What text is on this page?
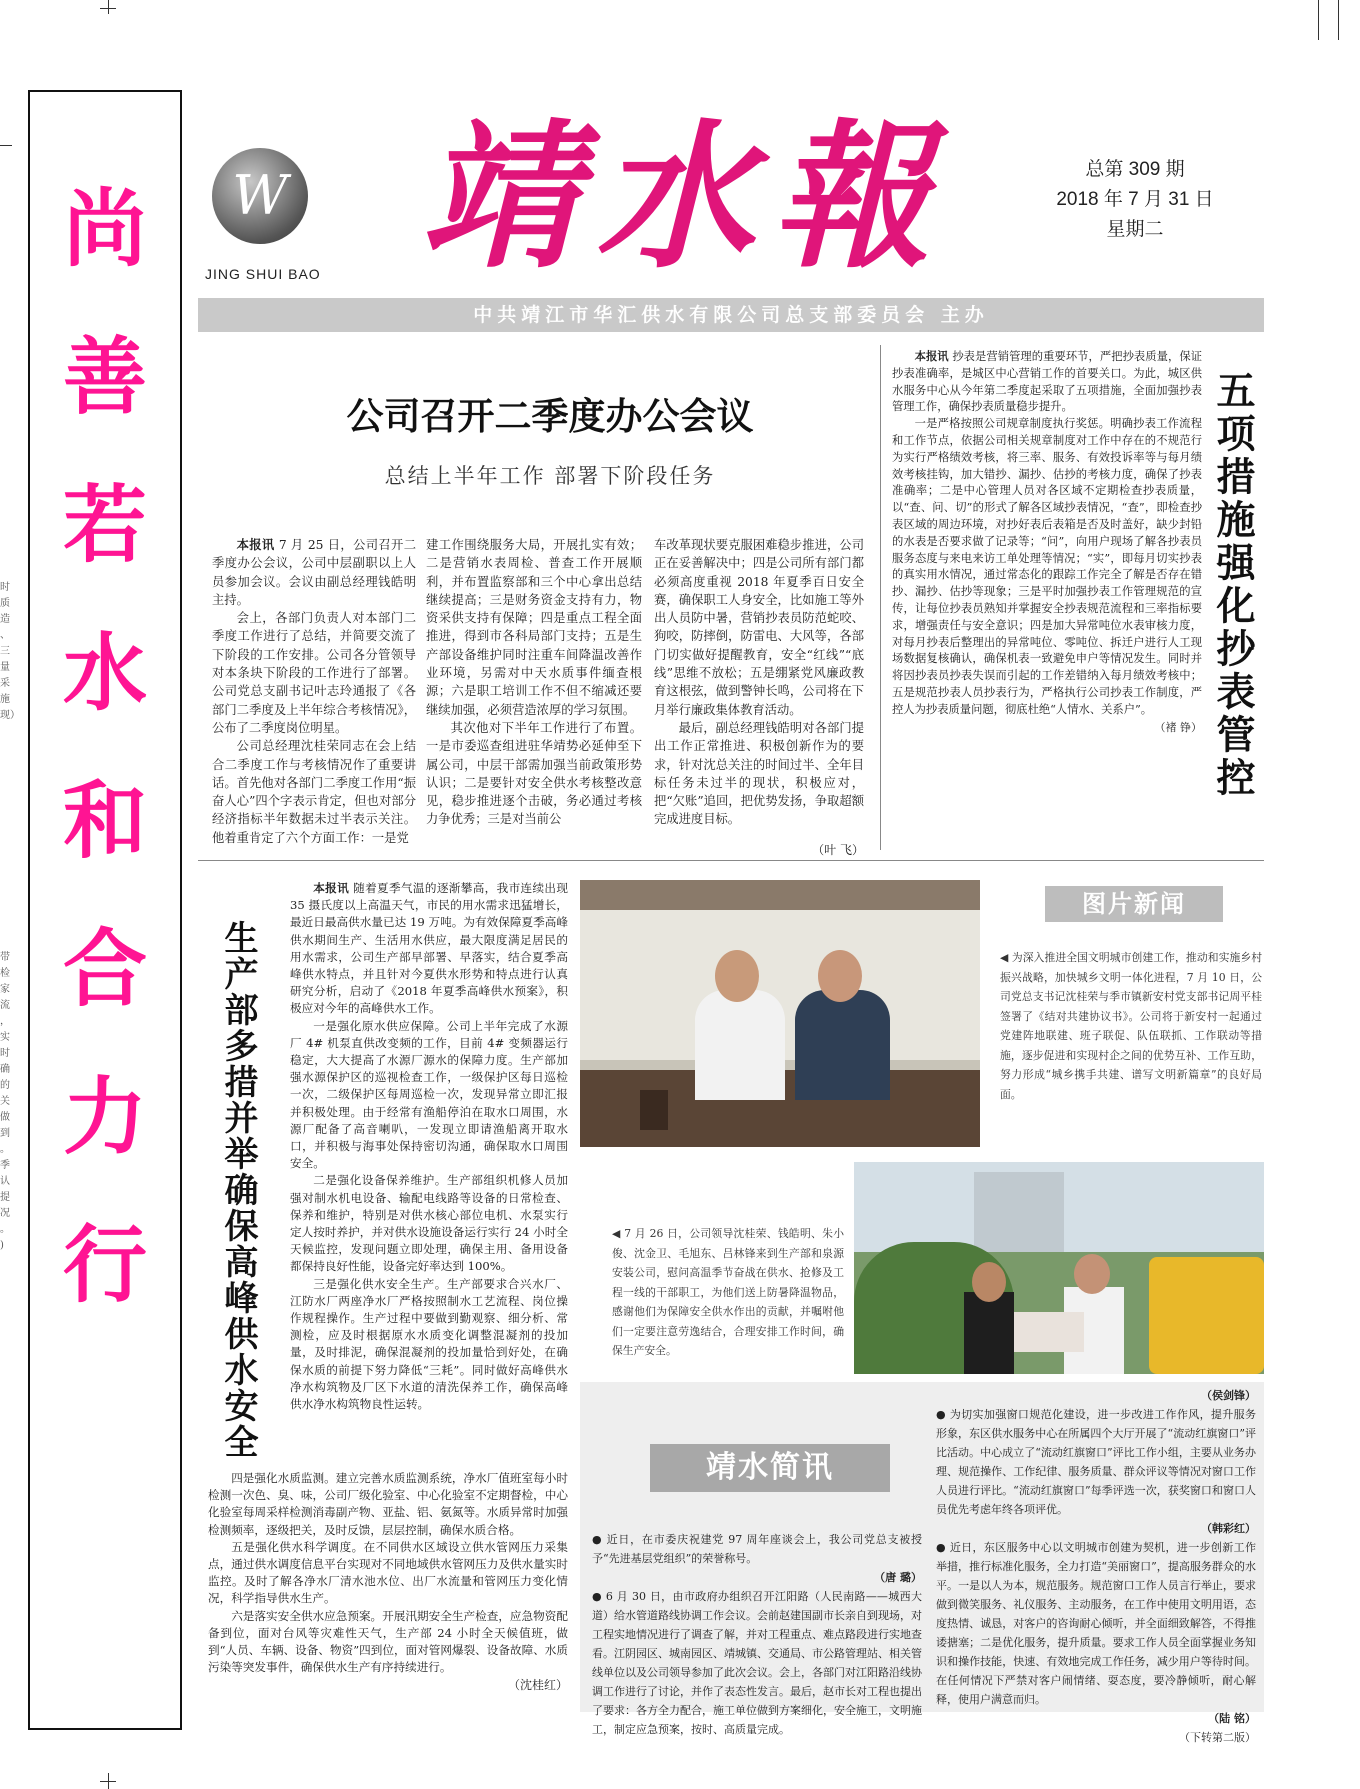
时 质 造 、三 量 采 施 现）
带 检 家 流 ， 实 时 确 的 关 做 到 。 季 认 提 况 。 )
尚
善
若
水
和
合
力
行
W
JING SHUI BAO 靖水報	总第 309 期
2018 年 7 月 31 日
星期二
中共靖江市华汇供水有限公司总支部委员会 主办
公司召开二季度办公会议
总结上半年工作 部署下阶段任务

本报讯 7 月 25 日，公司召开二季度办公会议，公司中层副职以上人员参加会议。会议由副总经理钱皓明主持。

会上，各部门负责人对本部门二季度工作进行了总结，并简要交流了下阶段的工作安排。公司各分管领导对本条块下阶段的工作进行了部署。公司党总支副书记叶志玲通报了《各部门二季度及上半年综合考核情况》，公布了二季度岗位明星。

公司总经理沈桂荣同志在会上结合二季度工作与考核情况作了重要讲话。首先他对各部门二季度工作用“振奋人心”四个字表示肯定，但也对部分经济指标半年数据未过半表示关注。他着重肯定了六个方面工作：一是党

建工作围绕服务大局，开展扎实有效；二是营销水表周检、普查工作开展顺利，并布置监察部和三个中心拿出总结继续提高；三是财务资金支持有力，物资采供支持有保障；四是重点工程全面推进，得到市各科局部门支持；五是生产部设备维护同时注重车间降温改善作业环境，另需对中天水质事件缅查根源；六是职工培训工作不但不缩减还要继续加强，必须营造浓厚的学习氛围。

其次他对下半年工作进行了布置。一是市委巡查组进驻华靖势必延伸至下属公司，中层干部需加强当前政策形势认识；二是要针对安全供水考核整改意见，稳步推进逐个击破，务必通过考核力争优秀；三是对当前公

车改革现状要克服困难稳步推进，公司正在妥善解决中；四是公司所有部门都必须高度重视 2018 年夏季百日安全赛，确保职工人身安全，比如施工等外出人员防中暑，营销抄表员防范蛇咬、狗咬，防摔倒，防雷电、大风等，各部门切实做好提醒教育，安全“红线”“底线”思维不放松；五是绷紧党风廉政教育这根弦，做到警钟长鸣，公司将在下月举行廉政集体教育活动。

最后，副总经理钱皓明对各部门提出工作正常推进、积极创新作为的要求，针对沈总关注的时间过半、全年目标任务未过半的现状，积极应对，把“欠账”追回，把优势发扬，争取超额完成进度目标。

（叶 飞）

本报讯 抄表是营销管理的重要环节，严把抄表质量，保证抄表准确率，是城区中心营销工作的首要关口。为此，城区供水服务中心从今年第二季度起采取了五项措施，全面加强抄表管理工作，确保抄表质量稳步提升。

一是严格按照公司规章制度执行奖惩。明确抄表工作流程和工作节点，依据公司相关规章制度对工作中存在的不规范行为实行严格绩效考核，将三率、服务、有效投诉率等与每月绩效考核挂钩，加大错抄、漏抄、估抄的考核力度，确保了抄表准确率；二是中心管理人员对各区域不定期检查抄表质量，以“查、问、切”的形式了解各区域抄表情况，“查”，即检查抄表区域的周边环境，对抄好表后表箱是否及时盖好，缺少封铅的水表是否要求做了记录等；“问”，向用户现场了解各抄表员服务态度与来电来访工单处理等情况；“实”，即每月切实抄表的真实用水情况，通过常态化的跟踪工作完全了解是否存在错抄、漏抄、估抄等现象；三是平时加强抄表工作管理规范的宣传，让每位抄表员熟知并掌握安全抄表规范流程和三率指标要求，增强责任与安全意识；四是加大异常吨位水表审核力度，对每月抄表后整理出的异常吨位、零吨位、拆迁户进行人工现场数据复核确认，确保机表一致避免申户等情况发生。同时并将因抄表员抄表失误而引起的工作差错纳入每月绩效考核中；五是规范抄表人员抄表行为，严格执行公司抄表工作制度，严控人为抄表质量问题，彻底杜绝“人情水、关系户”。

（褚 铮） 五项措施强化抄表管控
生产部多措并举确保高峰供水安全

本报讯 随着夏季气温的逐渐攀高，我市连续出现 35 摄氏度以上高温天气，市民的用水需求迅猛增长，最近日最高供水量已达 19 万吨。为有效保障夏季高峰供水期间生产、生活用水供应，最大限度满足居民的用水需求，公司生产部早部署、早落实，结合夏季高峰供水特点，并且针对今夏供水形势和特点进行认真研究分析，启动了《2018 年夏季高峰供水预案》，积极应对今年的高峰供水工作。

一是强化原水供应保障。公司上半年完成了水源厂 4# 机泵直供改变频的工作，目前 4# 变频器运行稳定，大大提高了水源厂源水的保障力度。生产部加强水源保护区的巡视检查工作，一级保护区每日巡检一次，二级保护区每周巡检一次，发现异常立即汇报并积极处理。由于经常有渔船停泊在取水口周围，水源厂配备了高音喇叭，一发现立即请渔船离开取水口，并积极与海事处保持密切沟通，确保取水口周围安全。

二是强化设备保养维护。生产部组织机修人员加强对制水机电设备、输配电线路等设备的日常检查、保养和维护，特别是对供水核心部位电机、水泵实行定人按时养护，并对供水设施设备运行实行 24 小时全天候监控，发现问题立即处理，确保主用、备用设备都保持良好性能，设备完好率达到 100%。

三是强化供水安全生产。生产部要求合兴水厂、江防水厂两座净水厂严格按照制水工艺流程、岗位操作规程操作。生产过程中要做到勤观察、细分析、常测检，应及时根据原水水质变化调整混凝剂的投加量，及时排泥，确保混凝剂的投加量恰到好处，在确保水质的前提下努力降低“三耗”。同时做好高峰供水净水构筑物及厂区下水道的清洗保养工作，确保高峰供水净水构筑物良性运转。

四是强化水质监测。建立完善水质监测系统，净水厂值班室每小时检测一次色、臭、味，公司厂级化验室、中心化验室不定期督检，中心化验室每周采样检测消毒副产物、亚盐、铝、氨氮等。水质异常时加强检测频率，逐级把关，及时反馈，层层控制，确保水质合格。

五是强化供水科学调度。在不同供水区域设立供水管网压力采集点，通过供水调度信息平台实现对不同地域供水管网压力及供水量实时监控。及时了解各净水厂清水池水位、出厂水流量和管网压力变化情况，科学指导供水生产。

六是落实安全供水应急预案。开展汛期安全生产检查，应急物资配备到位，面对台风等灾难性天气，生产部 24 小时全天候值班，做到“人员、车辆、设备、物资”四到位，面对管网爆裂、设备故障、水质污染等突发事件，确保供水生产有序持续进行。

（沈桂红）

图片新闻

◀ 为深入推进全国文明城市创建工作，推动和实施乡村振兴战略，加快城乡文明一体化进程，7 月 10 日，公司党总支书记沈桂荣与季市镇新安村党支部书记周平桂签署了《结对共建协议书》。公司将于新安村一起通过党建阵地联建、班子联促、队伍联抓、工作联动等措施，逐步促进和实现村企之间的优势互补、工作互助，努力形成“城乡携手共建、谱写文明新篇章”的良好局面。

◀ 7 月 26 日，公司领导沈桂荣、钱皓明、朱小俊、沈金卫、毛旭东、吕林锋来到生产部和泉源安装公司，慰问高温季节奋战在供水、抢修及工程一线的干部职工，为他们送上防暑降温物品，感谢他们为保障安全供水作出的贡献，并嘱咐他们一定要注意劳逸结合，合理安排工作时间，确保生产安全。

靖水简讯

● 近日，在市委庆祝建党 97 周年座谈会上，我公司党总支被授予“先进基层党组织”的荣誉称号。

（唐 璐）

● 6 月 30 日，由市政府办组织召开江阳路（人民南路——城西大道）给水管道路线协调工作会议。会前赵建国副市长亲自到现场，对工程实地情况进行了调查了解，并对工程重点、难点路段进行实地查看。江阴园区、城南园区、靖城镇、交通局、市公路管理站、相关管线单位以及公司领导参加了此次会议。会上，各部门对江阳路沿线协调工作进行了讨论，并作了表态性发言。最后，赵市长对工程也提出了要求：各方全力配合，施工单位做到方案细化，安全施工，文明施工，制定应急预案，按时、高质量完成。

（侯剑锋）

● 为切实加强窗口规范化建设，进一步改进工作作风，提升服务形象，东区供水服务中心在所属四个大厅开展了“流动红旗窗口”评比活动。中心成立了“流动红旗窗口”评比工作小组，主要从业务办理、规范操作、工作纪律、服务质量、群众评议等情况对窗口工作人员进行评比。“流动红旗窗口”每季评选一次，获奖窗口和窗口人员优先考虑年终各项评优。

（韩彩红）

● 近日，东区服务中心以文明城市创建为契机，进一步创新工作举措，推行标准化服务，全力打造“美丽窗口”，提高服务群众的水平。一是以人为本，规范服务。规范窗口工作人员言行举止，要求做到微笑服务、礼仪服务、主动服务，在工作中使用文明用语，态度热情、诚恳，对客户的咨询耐心倾听，并全面细致解答，不得推诿搪塞；二是优化服务，提升质量。要求工作人员全面掌握业务知识和操作技能，快速、有效地完成工作任务，减少用户等待时间。在任何情况下严禁对客户闹情绪、耍态度，要冷静倾听，耐心解释，使用户满意而归。

（陆 铭）

（下转第二版）
